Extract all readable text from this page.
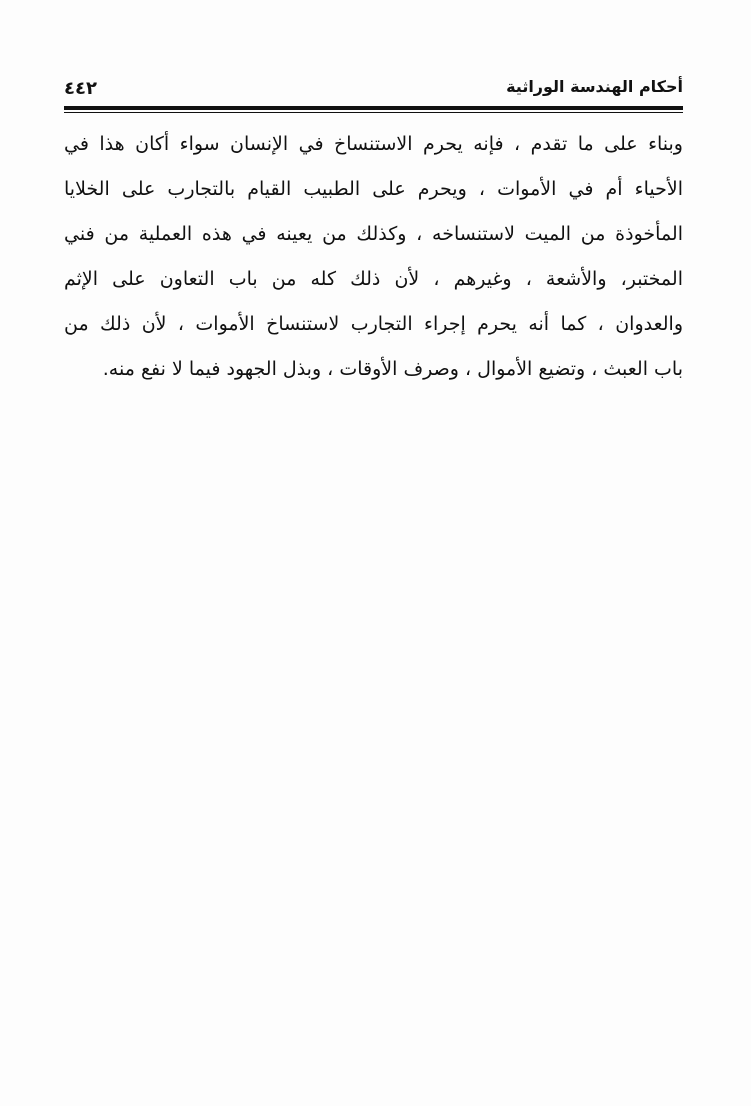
أحكام الهندسة الوراثية
٤٤٢
وبناء على ما تقدم ، فإنه يحرم الاستنساخ في الإنسان سواء أكان هذا في
الأحياء أم في الأموات ، ويحرم على الطبيب القيام بالتجارب على الخلايا
المأخوذة من الميت لاستنساخه ، وكذلك من يعينه في هذه العملية من فني
المختبر، والأشعة ، وغيرهم ، لأن ذلك كله من باب التعاون على الإثم
والعدوان ، كما أنه يحرم إجراء التجارب لاستنساخ الأموات ، لأن ذلك من
باب العبث ، وتضيع الأموال ، وصرف الأوقات ، وبذل الجهود فيما لا نفع منه.
